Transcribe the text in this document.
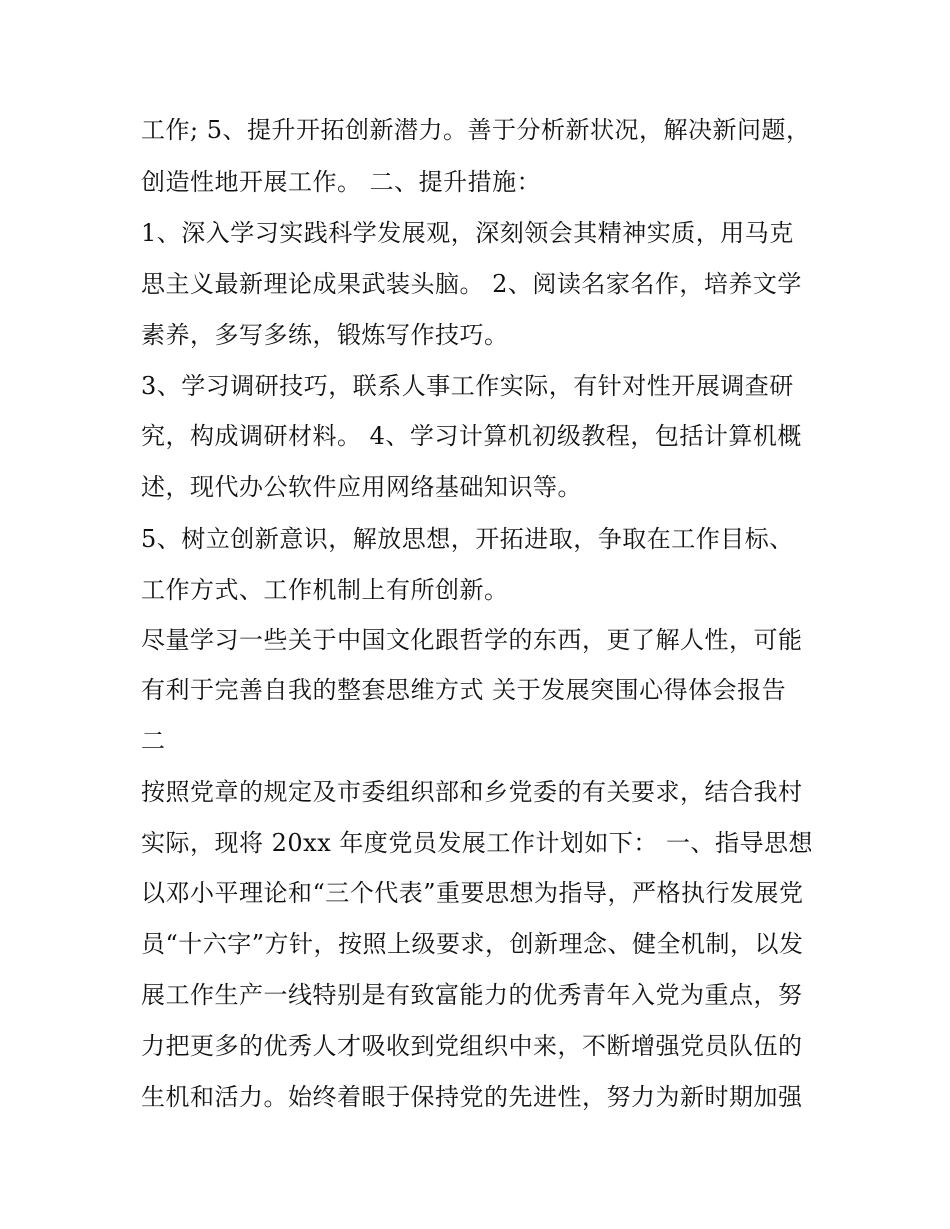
工作; 5、提升开拓创新潜力。善于分析新状况，解决新问题，
创造性地开展工作。 二、提升措施：
1、深入学习实践科学发展观，深刻领会其精神实质，用马克
思主义最新理论成果武装头脑。 2、阅读名家名作，培养文学
素养，多写多练，锻炼写作技巧。
3、学习调研技巧，联系人事工作实际，有针对性开展调查研
究，构成调研材料。 4、学习计算机初级教程，包括计算机概
述，现代办公软件应用网络基础知识等。
5、树立创新意识，解放思想，开拓进取，争取在工作目标、
工作方式、工作机制上有所创新。
尽量学习一些关于中国文化跟哲学的东西，更了解人性，可能
有利于完善自我的整套思维方式 关于发展突围心得体会报告
二
按照党章的规定及市委组织部和乡党委的有关要求，结合我村
实际，现将 20xx 年度党员发展工作计划如下： 一、指导思想
以邓小平理论和“三个代表”重要思想为指导，严格执行发展党
员“十六字”方针，按照上级要求，创新理念、健全机制，以发
展工作生产一线特别是有致富能力的优秀青年入党为重点，努
力把更多的优秀人才吸收到党组织中来，不断增强党员队伍的
生机和活力。始终着眼于保持党的先进性，努力为新时期加强
